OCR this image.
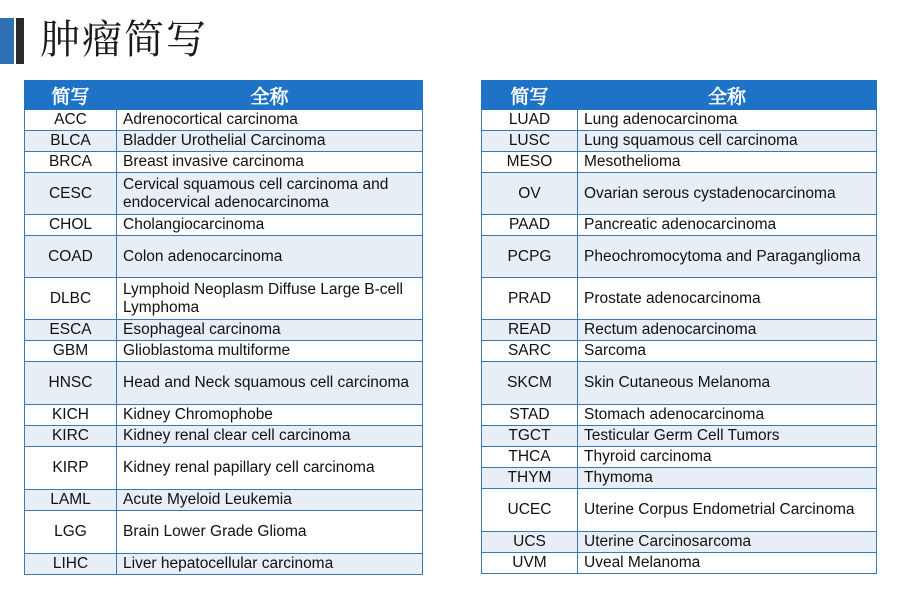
肿瘤简写
简写	全称
ACC	Adrenocortical carcinoma
BLCA	Bladder Urothelial Carcinoma
BRCA	Breast invasive carcinoma
CESC	Cervical squamous cell carcinoma and endocervical adenocarcinoma
CHOL	Cholangiocarcinoma
COAD	Colon adenocarcinoma
DLBC	Lymphoid Neoplasm Diffuse Large B-cell Lymphoma
ESCA	Esophageal carcinoma
GBM	Glioblastoma multiforme
HNSC	Head and Neck squamous cell carcinoma
KICH	Kidney Chromophobe
KIRC	Kidney renal clear cell carcinoma
KIRP	Kidney renal papillary cell carcinoma
LAML	Acute Myeloid Leukemia
LGG	Brain Lower Grade Glioma
LIHC	Liver hepatocellular carcinoma
简写	全称
LUAD	Lung adenocarcinoma
LUSC	Lung squamous cell carcinoma
MESO	Mesothelioma
OV	Ovarian serous cystadenocarcinoma
PAAD	Pancreatic adenocarcinoma
PCPG	Pheochromocytoma and Paraganglioma
PRAD	Prostate adenocarcinoma
READ	Rectum adenocarcinoma
SARC	Sarcoma
SKCM	Skin Cutaneous Melanoma
STAD	Stomach adenocarcinoma
TGCT	Testicular Germ Cell Tumors
THCA	Thyroid carcinoma
THYM	Thymoma
UCEC	Uterine Corpus Endometrial Carcinoma
UCS	Uterine Carcinosarcoma
UVM	Uveal Melanoma
